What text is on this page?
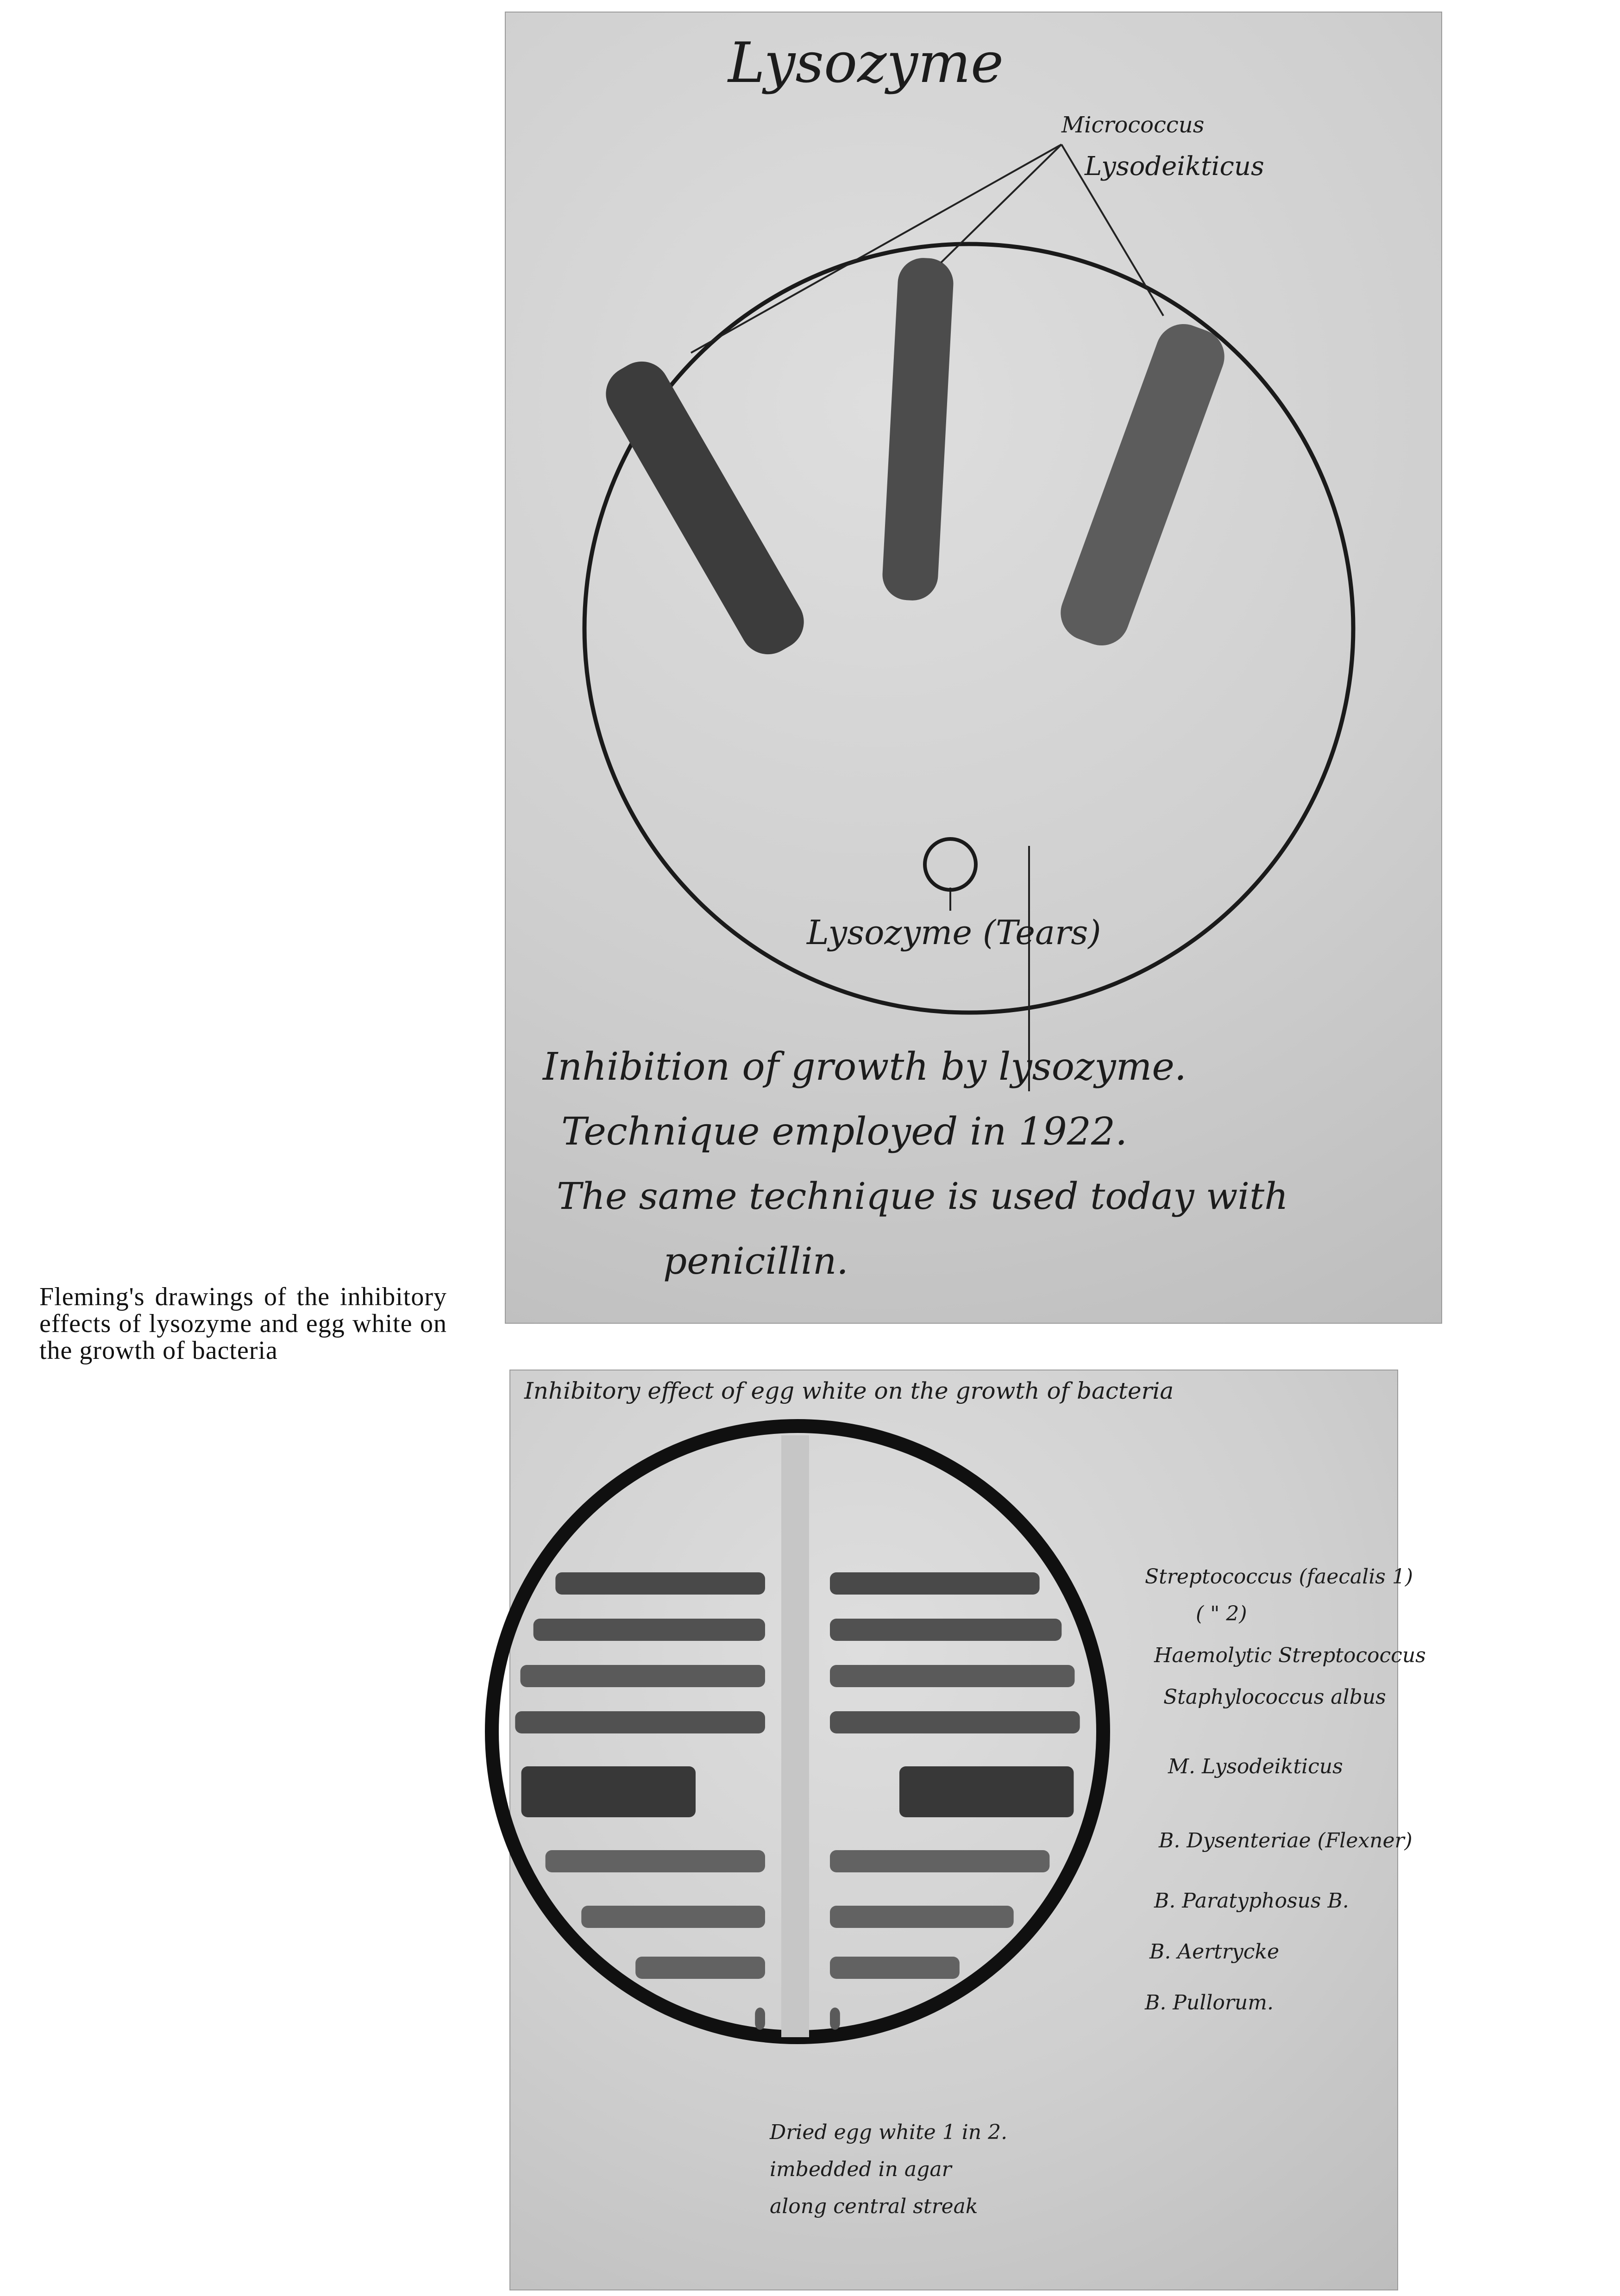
Fleming's drawings of the inhibitory effects of lysozyme and egg white on the growth of bacteria
Lysozyme
Micrococcus
Lysodeikticus
Lysozyme (Tears)
Inhibition of growth by lysozyme.
Technique employed in 1922.
The same technique is used today with
penicillin.
Inhibitory effect of egg white on the growth of bacteria
Streptococcus (faecalis 1)
( " 2)
Haemolytic Streptococcus
Staphylococcus albus
M. Lysodeikticus
B. Dysenteriae (Flexner)
B. Paratyphosus B.
B. Aertrycke
B. Pullorum.
Dried egg white 1 in 2.
imbedded in agar
along central streak
